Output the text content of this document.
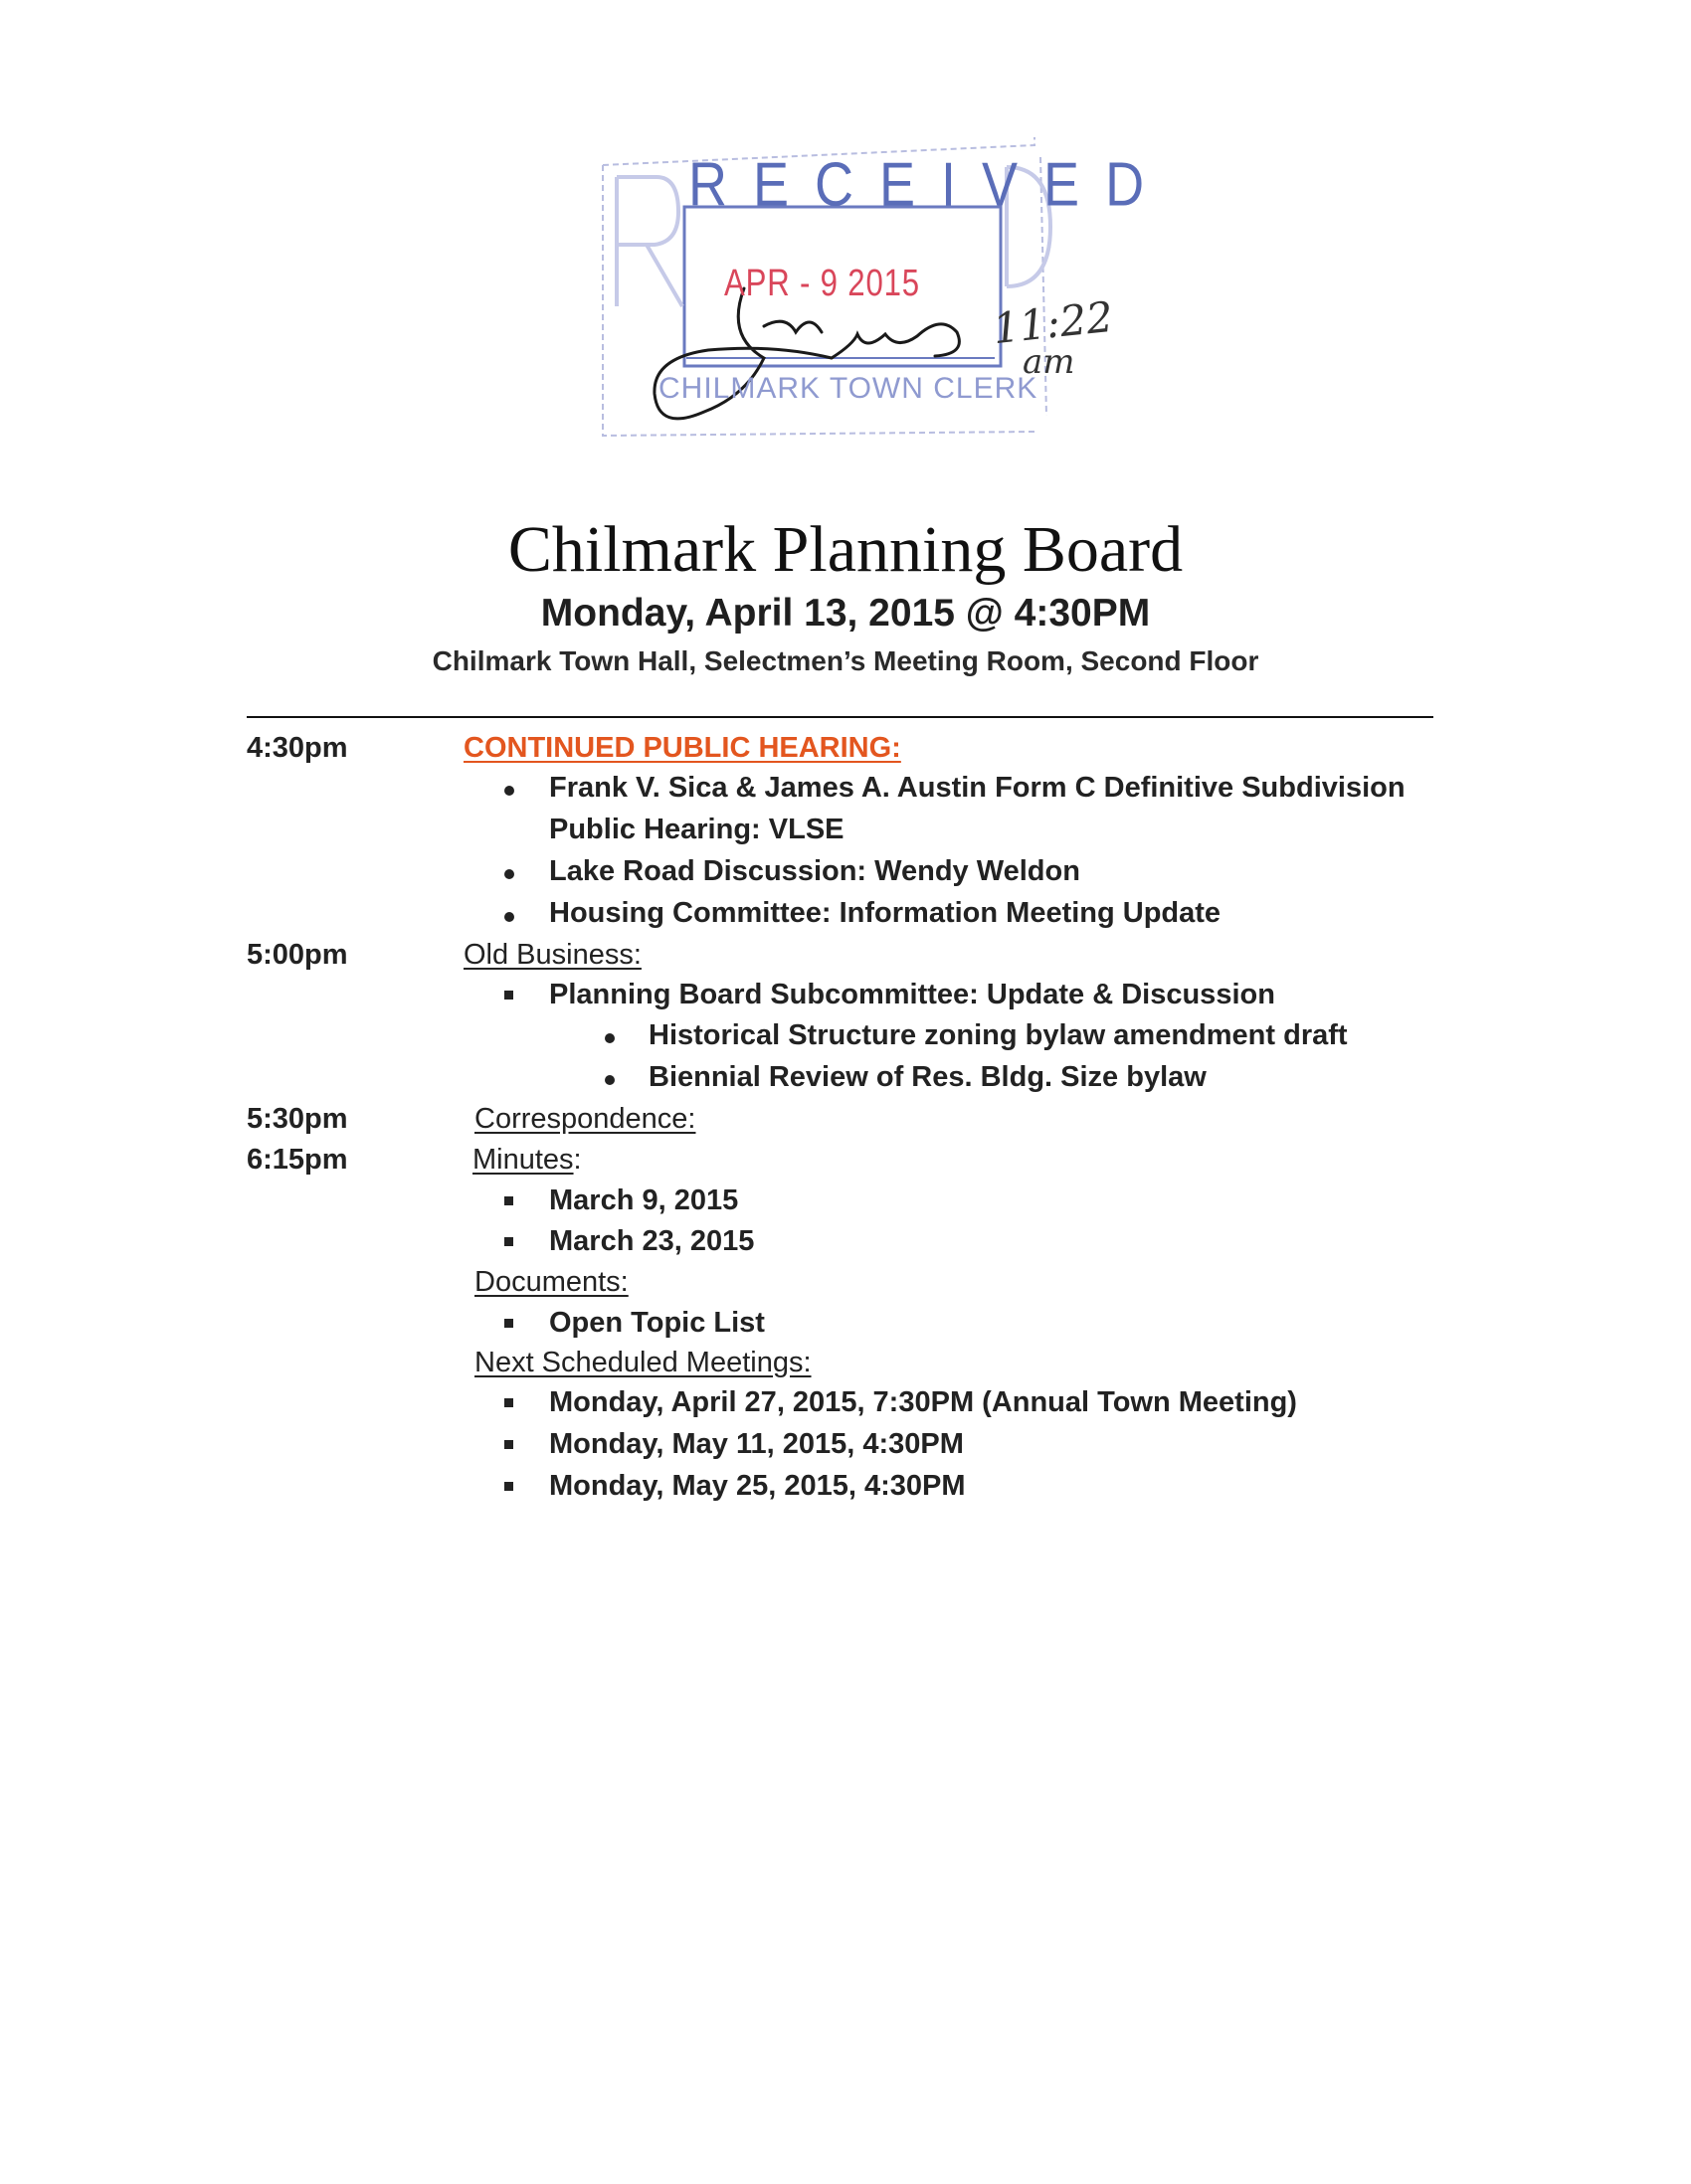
RECEIVED
APR - 9 2015
CHILMARK TOWN CLERK
11:22
am
Chilmark Planning Board
Monday, April 13, 2015 @ 4:30PM
Chilmark Town Hall, Selectmen’s Meeting Room, Second Floor
4:30pm	CONTINUED PUBLIC HEARING:
Frank V. Sica & James A. Austin Form C Definitive Subdivision
Public Hearing: VLSE
Lake Road Discussion: Wendy Weldon
Housing Committee: Information Meeting Update
5:00pm	Old Business:
Planning Board Subcommittee: Update & Discussion
Historical Structure zoning bylaw amendment draft
Biennial Review of Res. Bldg. Size bylaw
5:30pm	Correspondence:
6:15pm	Minutes:
March 9, 2015
March 23, 2015
Documents:
Open Topic List
Next Scheduled Meetings:
Monday, April 27, 2015, 7:30PM (Annual Town Meeting)
Monday, May 11, 2015, 4:30PM
Monday, May 25, 2015, 4:30PM
